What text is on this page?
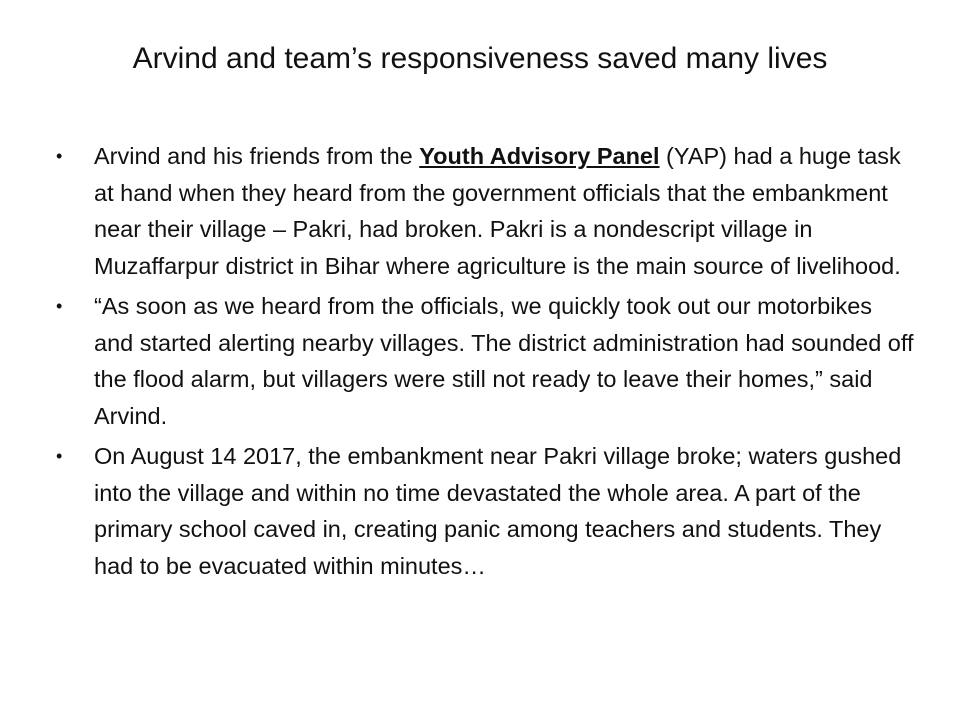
Arvind and team’s responsiveness saved many lives
• Arvind and his friends from the Youth Advisory Panel (YAP) had a huge task at hand when they heard from the government officials that the embankment near their village – Pakri, had broken. Pakri is a nondescript village in Muzaffarpur district in Bihar where agriculture is the main source of livelihood.
• “As soon as we heard from the officials, we quickly took out our motorbikes and started alerting nearby villages. The district administration had sounded off the flood alarm, but villagers were still not ready to leave their homes,” said Arvind.
• On August 14 2017, the embankment near Pakri village broke; waters gushed into the village and within no time devastated the whole area. A part of the primary school caved in, creating panic among teachers and students. They had to be evacuated within minutes…
